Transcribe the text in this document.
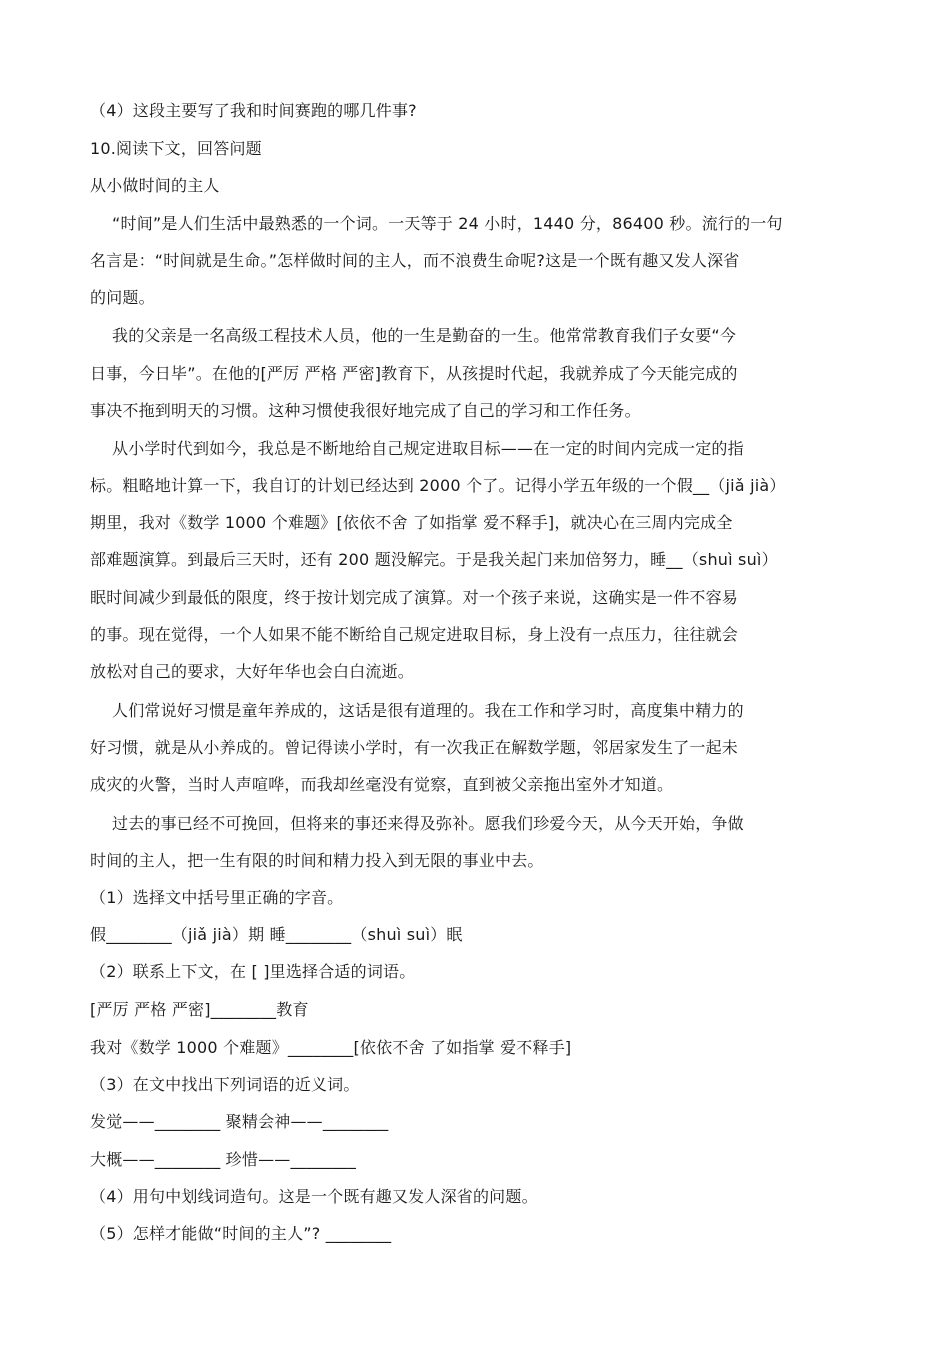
（4）这段主要写了我和时间赛跑的哪几件事?
10.阅读下文，回答问题
从小做时间的主人
“时间”是人们生活中最熟悉的一个词。一天等于 24 小时，1440 分，86400 秒。流行的一句
名言是：“时间就是生命。”怎样做时间的主人，而不浪费生命呢?这是一个既有趣又发人深省
的问题。
我的父亲是一名高级工程技术人员，他的一生是勤奋的一生。他常常教育我们子女要“今
日事，今日毕”。在他的[严厉 严格 严密]教育下，从孩提时代起，我就养成了今天能完成的
事决不拖到明天的习惯。这种习惯使我很好地完成了自己的学习和工作任务。
从小学时代到如今，我总是不断地给自己规定进取目标——在一定的时间内完成一定的指
标。粗略地计算一下，我自订的计划已经达到 2000 个了。记得小学五年级的一个假__（jiǎ jià）
期里，我对《数学 1000 个难题》[依依不舍 了如指掌 爱不释手]，就决心在三周内完成全
部难题演算。到最后三天时，还有 200 题没解完。于是我关起门来加倍努力，睡__（shuì suì）
眠时间减少到最低的限度，终于按计划完成了演算。对一个孩子来说，这确实是一件不容易
的事。现在觉得，一个人如果不能不断给自己规定进取目标，身上没有一点压力，往往就会
放松对自己的要求，大好年华也会白白流逝。
人们常说好习惯是童年养成的，这话是很有道理的。我在工作和学习时，高度集中精力的
好习惯，就是从小养成的。曾记得读小学时，有一次我正在解数学题，邻居家发生了一起未
成灾的火警，当时人声喧哗，而我却丝毫没有觉察，直到被父亲拖出室外才知道。
过去的事已经不可挽回，但将来的事还来得及弥补。愿我们珍爱今天，从今天开始，争做
时间的主人，把一生有限的时间和精力投入到无限的事业中去。
（1）选择文中括号里正确的字音。
假________（jiǎ jià）期 睡________（shuì suì）眠
（2）联系上下文，在 [ ]里选择合适的词语。
[严厉 严格 严密]________教育
我对《数学 1000 个难题》________[依依不舍 了如指掌 爱不释手]
（3）在文中找出下列词语的近义词。
发觉——________ 聚精会神——________
大概——________ 珍惜——________
（4）用句中划线词造句。这是一个既有趣又发人深省的问题。
（5）怎样才能做“时间的主人”? ________
